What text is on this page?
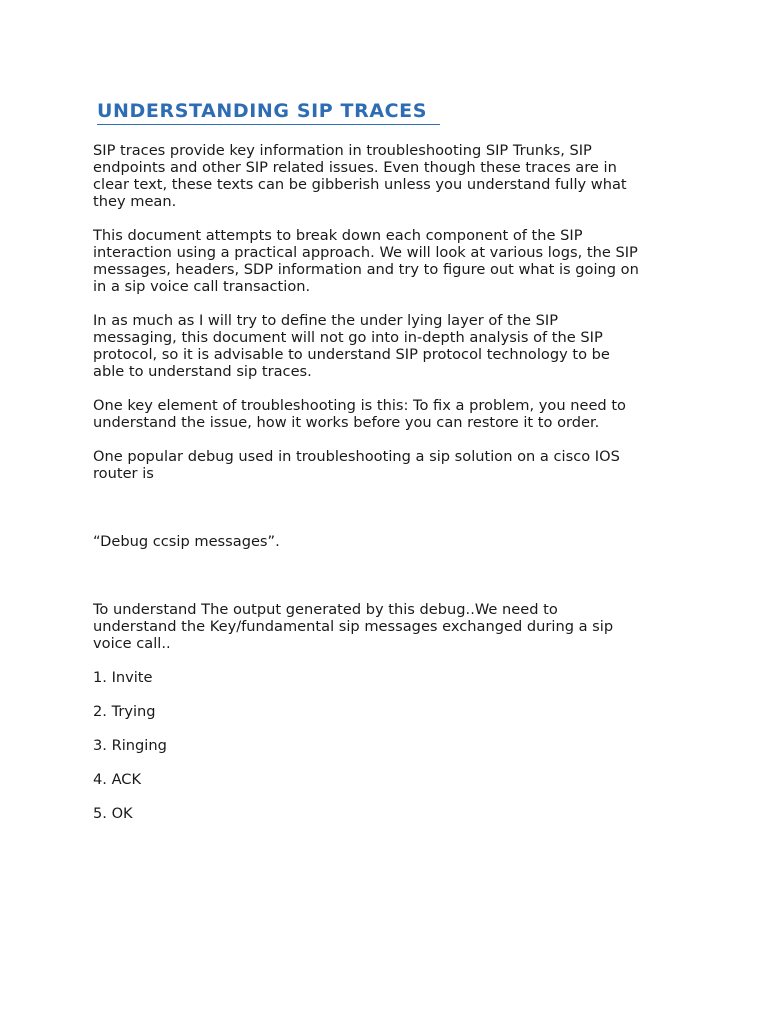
UNDERSTANDING SIP TRACES

SIP traces provide key information in troubleshooting SIP Trunks, SIP
endpoints and other SIP related issues. Even though these traces are in
clear text, these texts can be gibberish unless you understand fully what
they mean.

This document attempts to break down each component of the SIP
interaction using a practical approach. We will look at various logs, the SIP
messages, headers, SDP information and try to figure out what is going on
in a sip voice call transaction.

In as much as I will try to define the under lying layer of the SIP
messaging, this document will not go into in-depth analysis of the SIP
protocol, so it is advisable to understand SIP protocol technology to be
able to understand sip traces.

One key element of troubleshooting is this: To fix a problem, you need to
understand the issue, how it works before you can restore it to order.

One popular debug used in troubleshooting a sip solution on a cisco IOS
router is

“Debug ccsip messages”.

To understand The output generated by this debug..We need to
understand the Key/fundamental sip messages exchanged during a sip
voice call..

1. Invite

2. Trying

3. Ringing

4. ACK

5. OK
